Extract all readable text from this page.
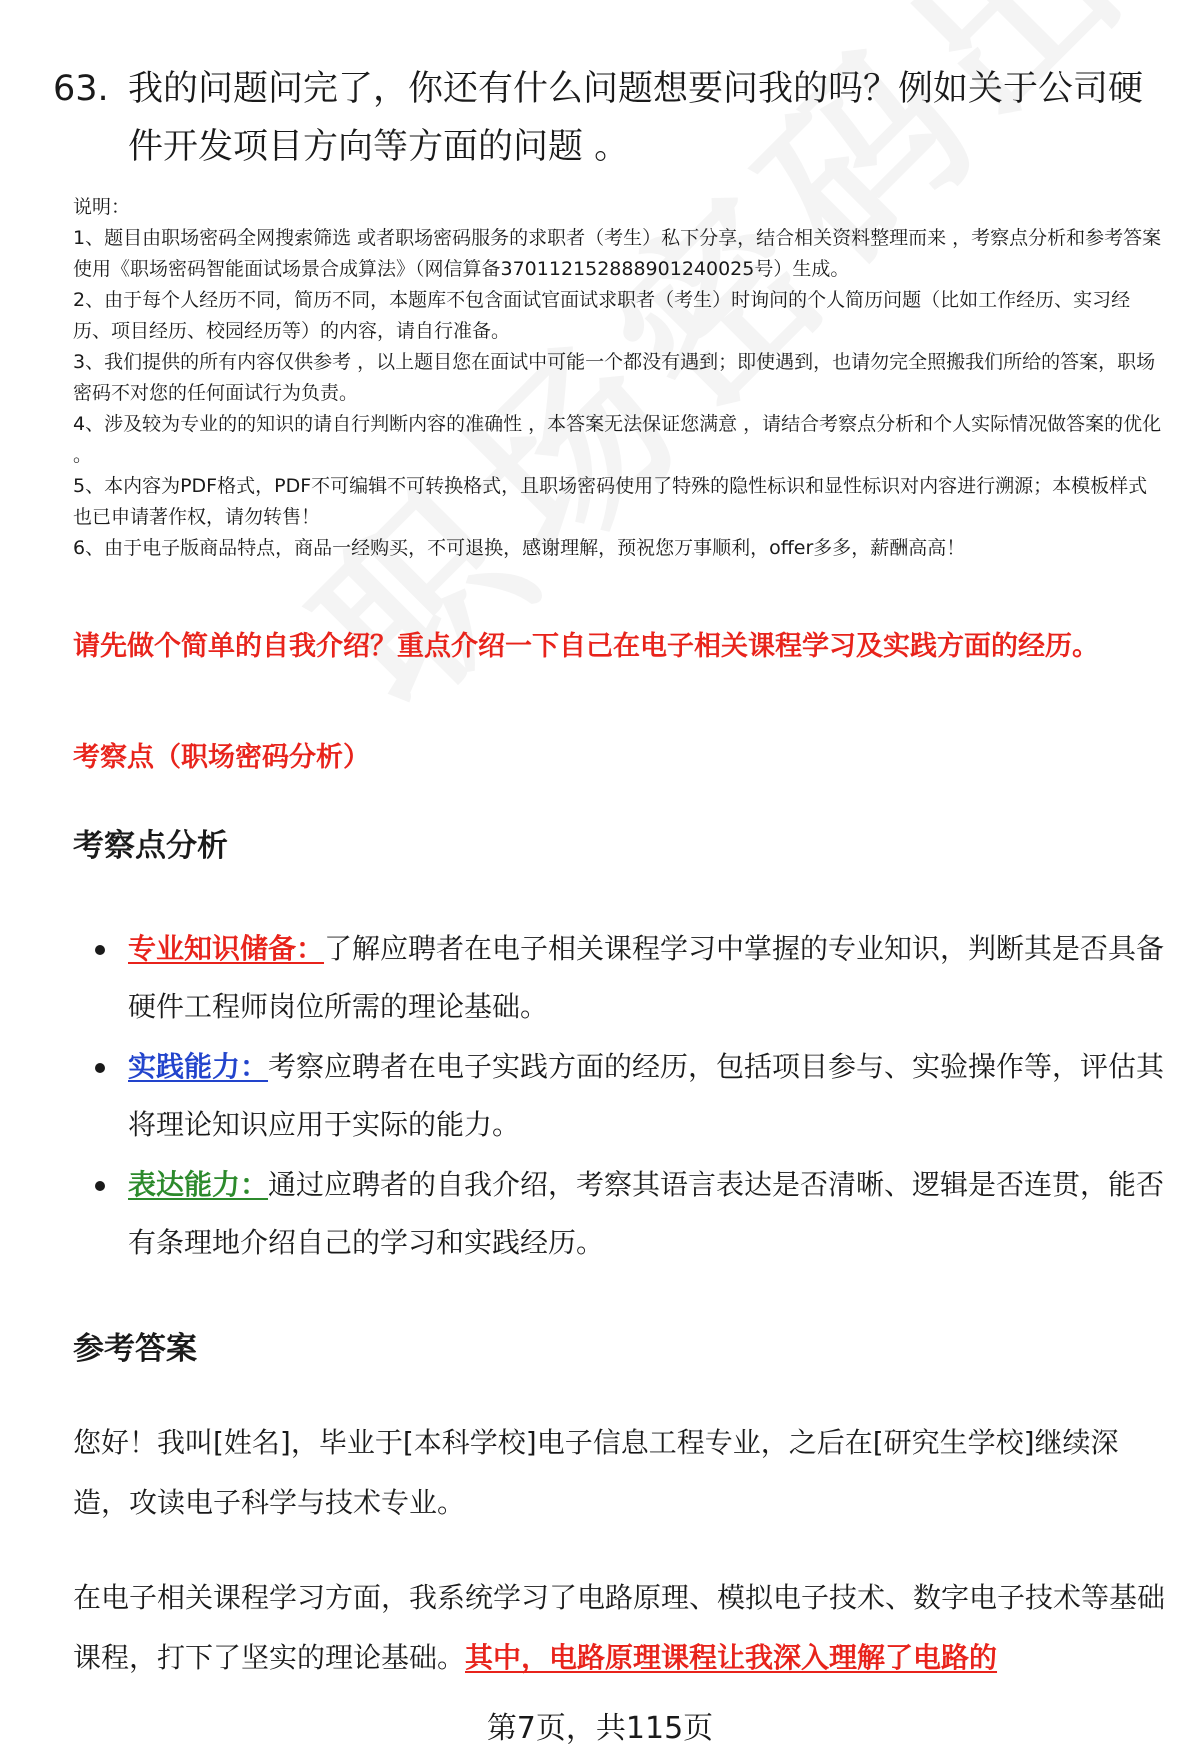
63. 我的问题问完了，你还有什么问题想要问我的吗？例如关于公司硬件开发项目方向等方面的问题 。

说明：

1、题目由职场密码全网搜索筛选 或者职场密码服务的求职者（考生）私下分享，结合相关资料整理而来 ，考察点分析和参考答案使用《职场密码智能面试场景合成算法》（网信算备370112152888901240025号）生成。

2、由于每个人经历不同，简历不同，本题库不包含面试官面试求职者（考生）时询问的个人简历问题（比如工作经历、实习经历、项目经历、校园经历等）的内容，请自行准备。

3、我们提供的所有内容仅供参考 ，以上题目您在面试中可能一个都没有遇到；即使遇到，也请勿完全照搬我们所给的答案，职场密码不对您的任何面试行为负责。

4、涉及较为专业的的知识的请自行判断内容的准确性 ，本答案无法保证您满意 ，请结合考察点分析和个人实际情况做答案的优化 。

5、本内容为PDF格式，PDF不可编辑不可转换格式，且职场密码使用了特殊的隐性标识和显性标识对内容进行溯源；本模板样式也已申请著作权，请勿转售！

6、由于电子版商品特点，商品一经购买，不可退换，感谢理解，预祝您万事顺利，offer多多，薪酬高高！

请先做个简单的自我介绍？重点介绍一下自己在电子相关课程学习及实践方面的经历。
考察点（职场密码分析）
考察点分析
专业知识储备：了解应聘者在电子相关课程学习中掌握的专业知识，判断其是否具备硬件工程师岗位所需的理论基础。
实践能力：考察应聘者在电子实践方面的经历，包括项目参与、实验操作等，评估其将理论知识应用于实际的能力。
表达能力：通过应聘者的自我介绍，考察其语言表达是否清晰、逻辑是否连贯，能否有条理地介绍自己的学习和实践经历。
参考答案
您好！我叫[姓名]，毕业于[本科学校]电子信息工程专业，之后在[研究生学校]继续深造，攻读电子科学与技术专业。
在电子相关课程学习方面，我系统学习了电路原理、模拟电子技术、数字电子技术等基础课程，打下了坚实的理论基础。其中，电路原理课程让我深入理解了电路的
第7页，共115页
